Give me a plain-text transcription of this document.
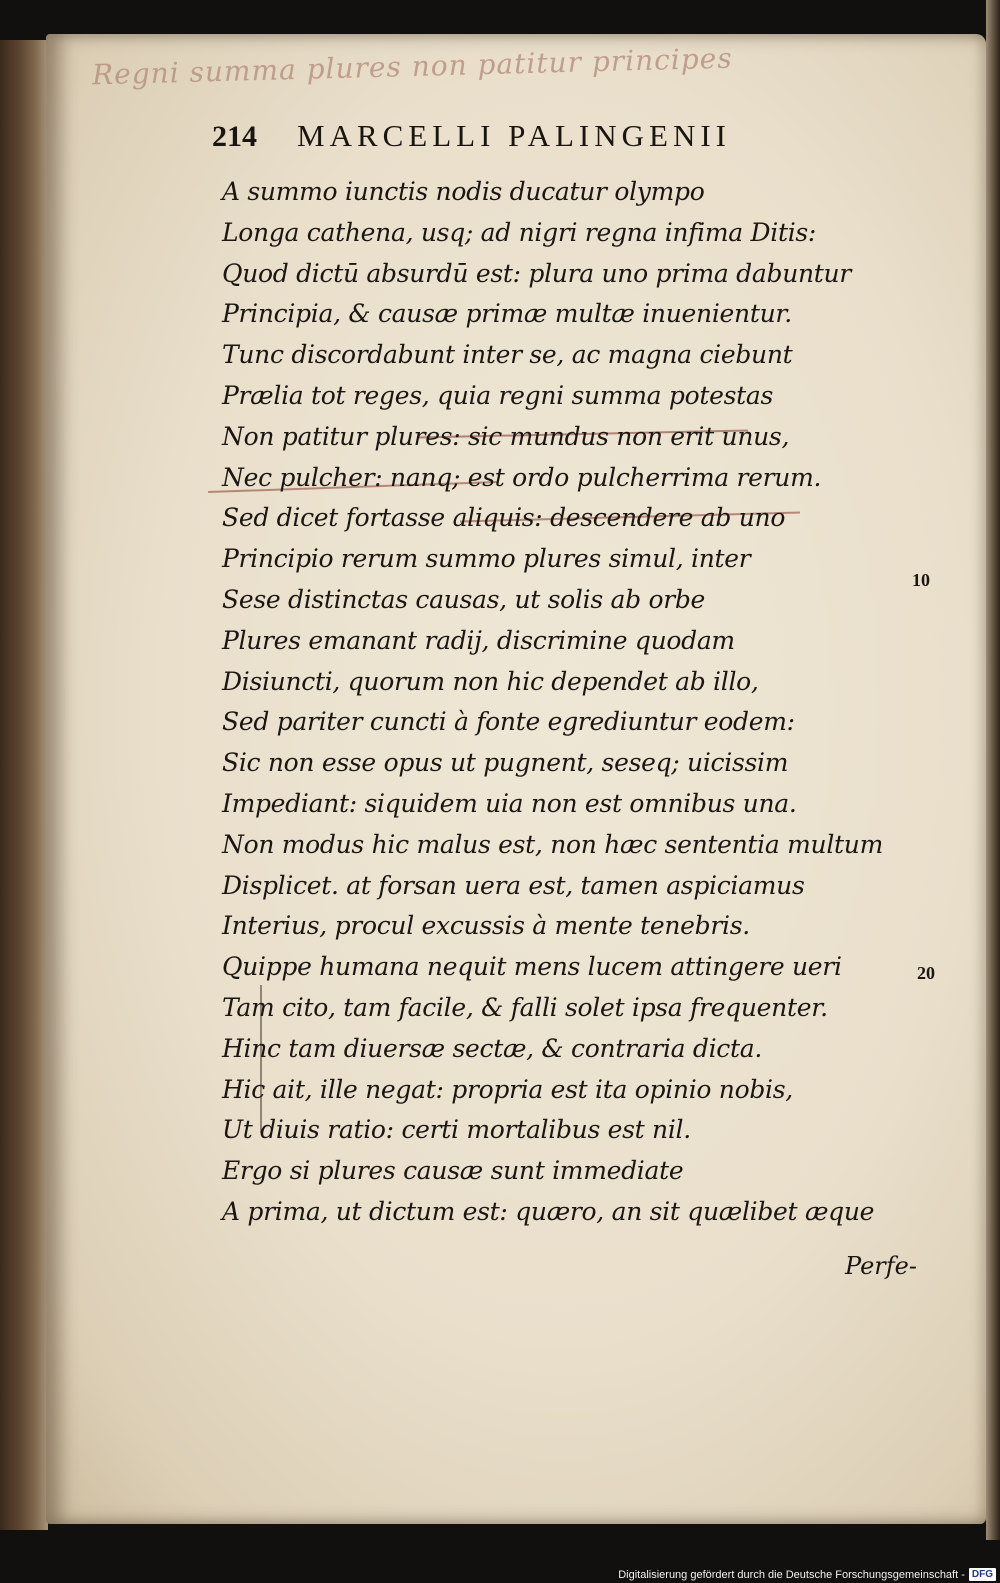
Regni summa plures non patitur principes
214 MARCELLI PALINGENII
A summo iunctis nodis ducatur olympo
Longa cathena, usq; ad nigri regna infima Ditis:
Quod dictū absurdū est: plura uno prima dabuntur
Principia, & causæ primæ multæ inuenientur.
Tunc discordabunt inter se, ac magna ciebunt
Prælia tot reges, quia regni summa potestas
Non patitur plures: sic mundus non erit unus,
Nec pulcher: nanq; est ordo pulcherrima rerum.
Sed dicet fortasse aliquis: descendere ab uno
Principio rerum summo plures simul, inter
Sese distinctas causas, ut solis ab orbe
Plures emanant radij, discrimine quodam
Disiuncti, quorum non hic dependet ab illo,
Sed pariter cuncti à fonte egrediuntur eodem:
Sic non esse opus ut pugnent, seseq; uicissim
Impediant: siquidem uia non est omnibus una.
Non modus hic malus est, non hæc sententia multum
Displicet. at forsan uera est, tamen aspiciamus
Interius, procul excussis à mente tenebris.
Quippe humana nequit mens lucem attingere ueri
Tam cito, tam facile, & falli solet ipsa frequenter.
Hinc tam diuersæ sectæ, & contraria dicta.
Hic ait, ille negat: propria est ita opinio nobis,
Ut diuis ratio: certi mortalibus est nil.
Ergo si plures causæ sunt immediate
A prima, ut dictum est: quæro, an sit quælibet æque
10
20
Perfe-
Digitalisierung gefördert durch die Deutsche Forschungsgemeinschaft - DFG
